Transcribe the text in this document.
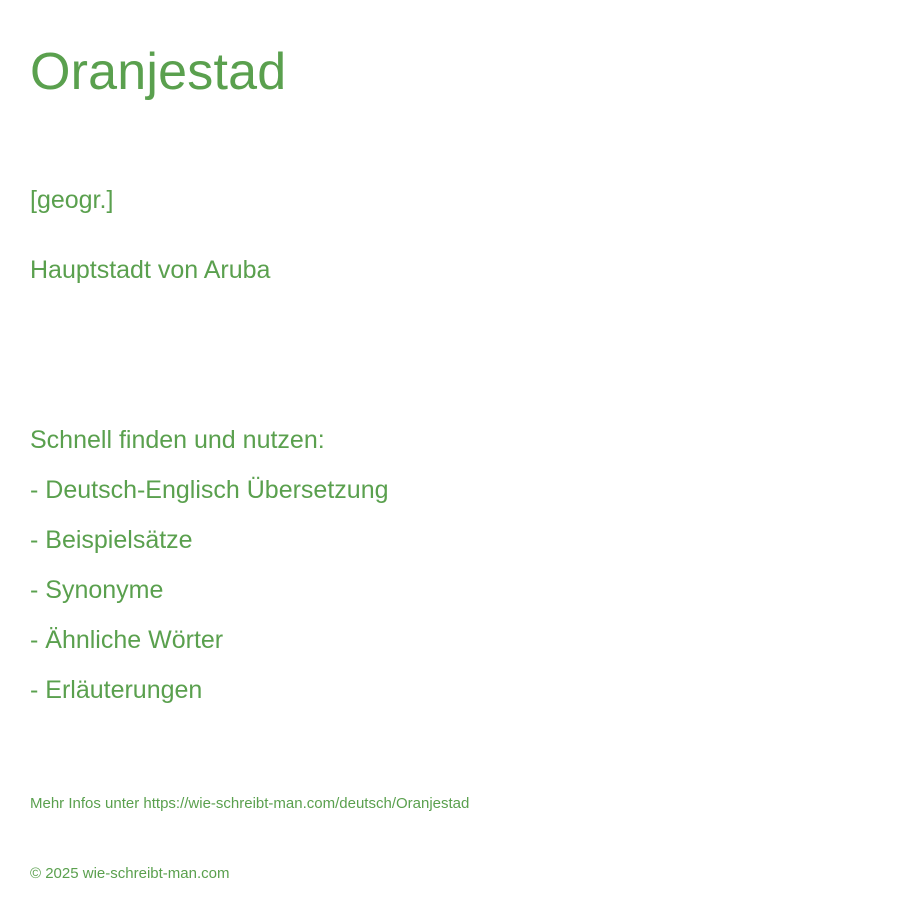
Oranjestad

[geogr.]

Hauptstadt von Aruba

Schnell finden und nutzen:

- Deutsch-Englisch Übersetzung
- Beispielsätze
- Synonyme
- Ähnliche Wörter
- Erläuterungen

Mehr Infos unter https://wie-schreibt-man.com/deutsch/Oranjestad

© 2025 wie-schreibt-man.com
